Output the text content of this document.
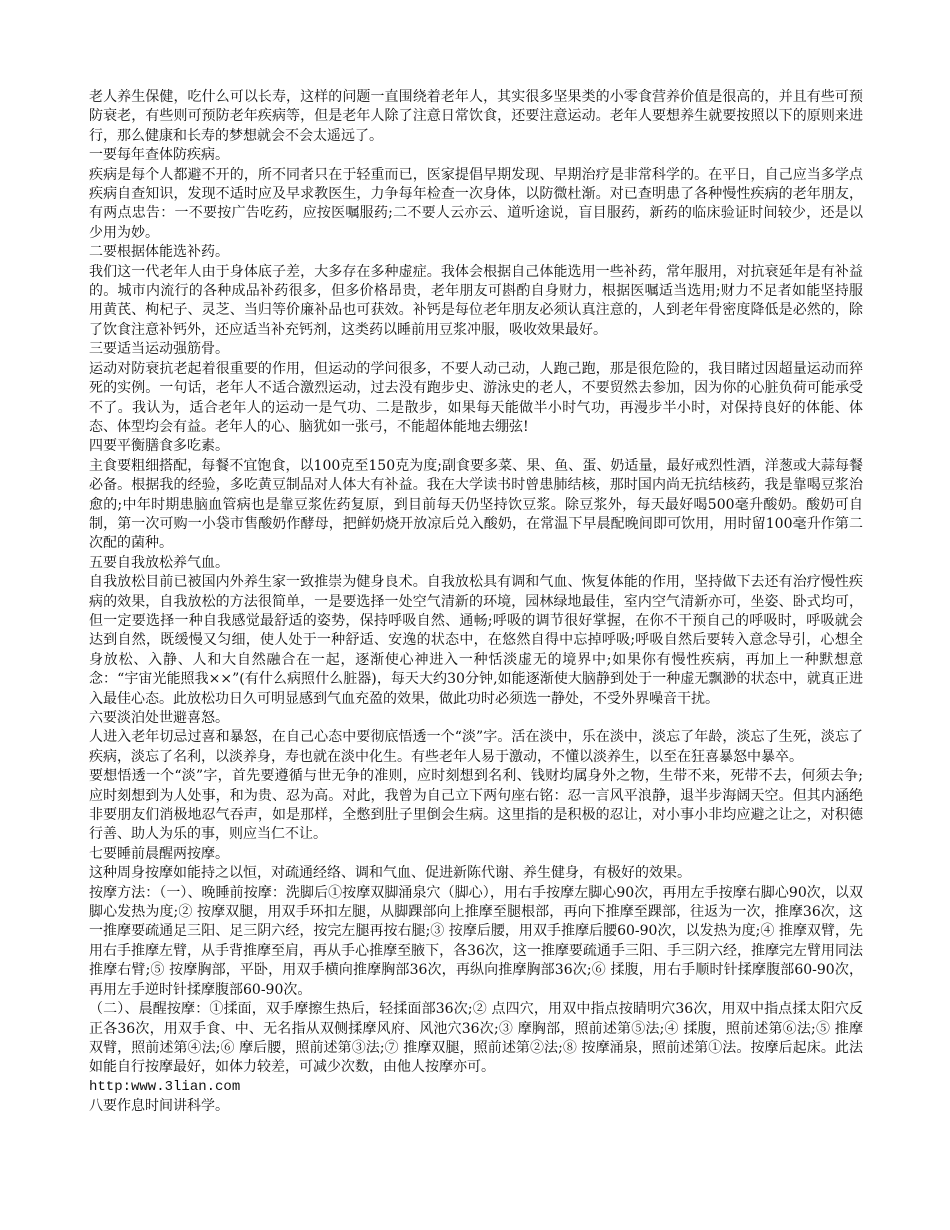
老人养生保健，吃什么可以长寿，这样的问题一直围绕着老年人，其实很多坚果类的小零食营养价值是很高的，并且有些可预防衰老，有些则可预防老年疾病等，但是老年人除了注意日常饮食，还要注意运动。老年人要想养生就要按照以下的原则来进行，那么健康和长寿的梦想就会不会太遥远了。

一要每年查体防疾病。

疾病是每个人都避不开的，所不同者只在于轻重而已，医家提倡早期发现、早期治疗是非常科学的。在平日，自己应当多学点疾病自查知识，发现不适时应及早求教医生，力争每年检查一次身体，以防微杜渐。对已查明患了各种慢性疾病的老年朋友，有两点忠告：一不要按广告吃药，应按医嘱服药;二不要人云亦云、道听途说，盲目服药，新药的临床验证时间较少，还是以少用为妙。

二要根据体能选补药。

我们这一代老年人由于身体底子差，大多存在多种虚症。我体会根据自己体能选用一些补药，常年服用，对抗衰延年是有补益的。城市内流行的各种成品补药很多，但多价格昂贵，老年朋友可斟酌自身财力，根据医嘱适当选用;财力不足者如能坚持服用黄芪、枸杞子、灵芝、当归等价廉补品也可获效。补钙是每位老年朋友必须认真注意的，人到老年骨密度降低是必然的，除了饮食注意补钙外，还应适当补充钙剂，这类药以睡前用豆浆冲服，吸收效果最好。

三要适当运动强筋骨。

运动对防衰抗老起着很重要的作用，但运动的学问很多，不要人动己动，人跑己跑，那是很危险的，我目睹过因超量运动而猝死的实例。一句话，老年人不适合激烈运动，过去没有跑步史、游泳史的老人，不要贸然去参加，因为你的心脏负荷可能承受不了。我认为，适合老年人的运动一是气功、二是散步，如果每天能做半小时气功，再漫步半小时，对保持良好的体能、体态、体型均会有益。老年人的心、脑犹如一张弓，不能超体能地去绷弦!

四要平衡膳食多吃素。

主食要粗细搭配，每餐不宜饱食，以100克至150克为度;副食要多菜、果、鱼、蛋、奶适量，最好戒烈性酒，洋葱或大蒜每餐必备。根据我的经验，多吃黄豆制品对人体大有补益。我在大学读书时曾患肺结核，那时国内尚无抗结核药，我是靠喝豆浆治愈的;中年时期患脑血管病也是靠豆浆佐药复原，到目前每天仍坚持饮豆浆。除豆浆外，每天最好喝500毫升酸奶。酸奶可自制，第一次可购一小袋市售酸奶作酵母，把鲜奶烧开放凉后兑入酸奶，在常温下早晨配晚间即可饮用，用时留100毫升作第二次配的菌种。

五要自我放松养气血。

自我放松目前已被国内外养生家一致推崇为健身良术。自我放松具有调和气血、恢复体能的作用，坚持做下去还有治疗慢性疾病的效果，自我放松的方法很简单，一是要选择一处空气清新的环境，园林绿地最佳，室内空气清新亦可，坐姿、卧式均可，但一定要选择一种自我感觉最舒适的姿势，保持呼吸自然、通畅;呼吸的调节很好掌握，在你不干预自己的呼吸时，呼吸就会达到自然，既缓慢又匀细，使人处于一种舒适、安逸的状态中，在悠然自得中忘掉呼吸;呼吸自然后要转入意念导引，心想全身放松、入静、人和大自然融合在一起，逐渐使心神进入一种恬淡虚无的境界中;如果你有慢性疾病，再加上一种默想意念：“宇宙光能照我××”(有什么病照什么脏器)，每天大约30分钟,如能逐渐使大脑静到处于一种虚无飘渺的状态中，就真正进入最佳心态。此放松功日久可明显感到气血充盈的效果，做此功时必须选一静处，不受外界噪音干扰。

六要淡泊处世避喜怒。

人进入老年切忌过喜和暴怒，在自己心态中要彻底悟透一个“淡”字。活在淡中，乐在淡中，淡忘了年龄，淡忘了生死，淡忘了疾病，淡忘了名利，以淡养身，寿也就在淡中化生。有些老年人易于激动，不懂以淡养生，以至在狂喜暴怒中暴卒。

要想悟透一个“淡”字，首先要遵循与世无争的准则，应时刻想到名利、钱财均属身外之物，生带不来，死带不去，何须去争;应时刻想到为人处事，和为贵、忍为高。对此，我曾为自己立下两句座右铭：忍一言风平浪静，退半步海阔天空。但其内涵绝非要朋友们消极地忍气吞声，如是那样，全憋到肚子里倒会生病。这里指的是积极的忍让，对小事小非均应避之让之，对积德行善、助人为乐的事，则应当仁不让。

七要睡前晨醒两按摩。

这种周身按摩如能持之以恒，对疏通经络、调和气血、促进新陈代谢、养生健身，有极好的效果。

按摩方法：（一）、晚睡前按摩：洗脚后①按摩双脚涌泉穴（脚心），用右手按摩左脚心90次，再用左手按摩右脚心90次，以双脚心发热为度;② 按摩双腿，用双手环扣左腿，从脚踝部向上推摩至腿根部，再向下推摩至踝部，往返为一次，推摩36次，这一推摩要疏通足三阳、足三阴六经，按完左腿再按右腿;③ 按摩后腰，用双手推摩后腰60-90次，以发热为度;④ 推摩双臂，先用右手推摩左臂，从手背推摩至肩，再从手心推摩至腋下，各36次，这一推摩要疏通手三阳、手三阴六经，推摩完左臂用同法推摩右臂;⑤ 按摩胸部，平卧，用双手横向推摩胸部36次，再纵向推摩胸部36次;⑥ 揉腹，用右手顺时针揉摩腹部60-90次，再用左手逆时针揉摩腹部60-90次。

（二）、晨醒按摩：①揉面，双手摩擦生热后，轻揉面部36次;② 点四穴，用双中指点按睛明穴36次，用双中指点揉太阳穴反正各36次，用双手食、中、无名指从双侧揉摩风府、风池穴36次;③ 摩胸部，照前述第⑤法;④ 揉腹，照前述第⑥法;⑤ 推摩双臂，照前述第④法;⑥ 摩后腰，照前述第③法;⑦ 推摩双腿，照前述第②法;⑧ 按摩涌泉，照前述第①法。按摩后起床。此法如能自行按摩最好，如体力较差，可减少次数，由他人按摩亦可。

http:www.3lian.com

八要作息时间讲科学。
